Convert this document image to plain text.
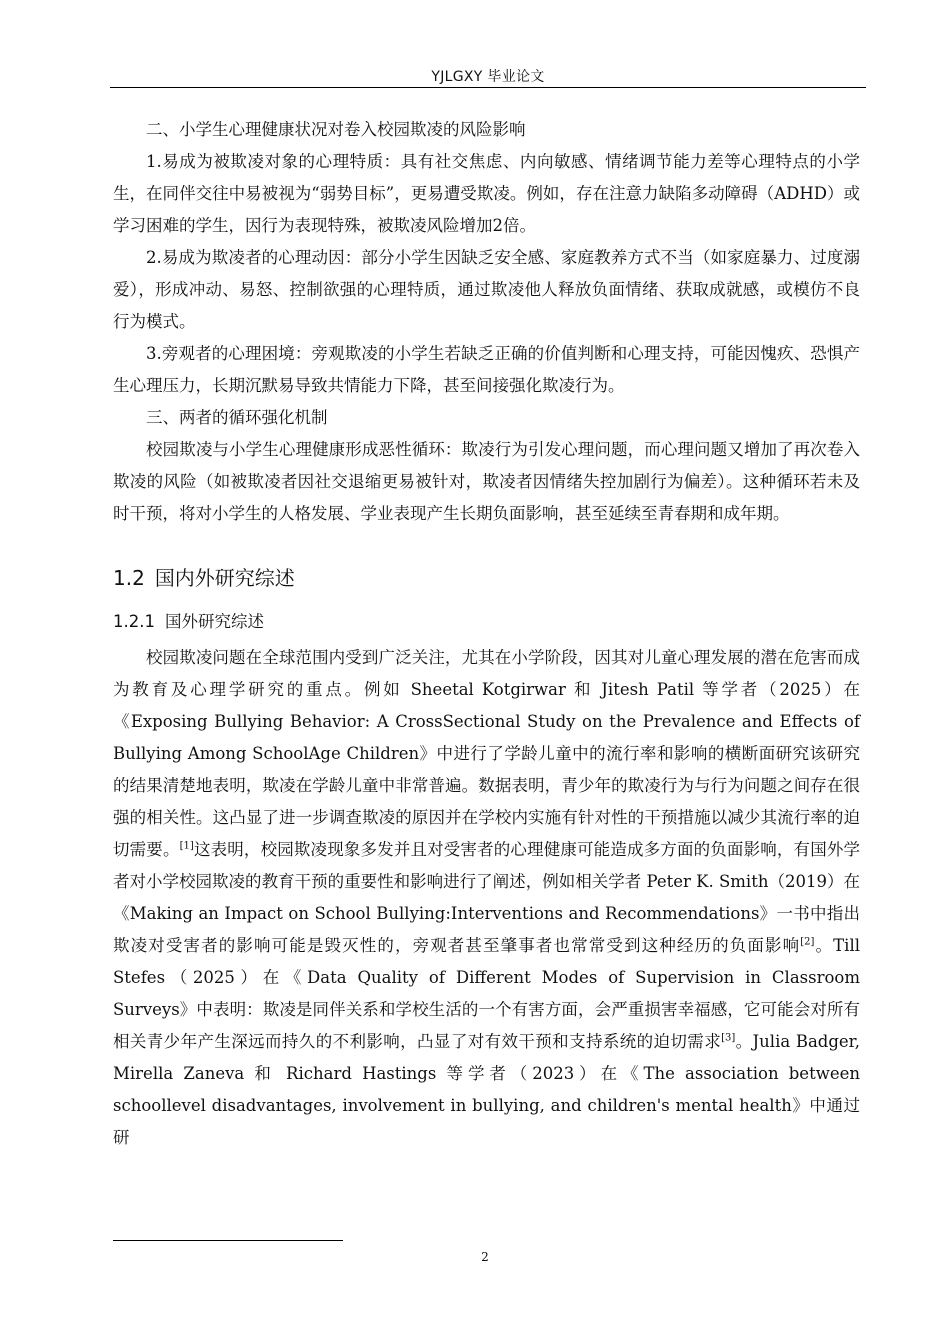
YJLGXY 毕业论文

二、小学生心理健康状况对卷入校园欺凌的风险影响

1.易成为被欺凌对象的心理特质：具有社交焦虑、内向敏感、情绪调节能力差等心理特点的小学生，在同伴交往中易被视为“弱势目标”，更易遭受欺凌。例如，存在注意力缺陷多动障碍（ADHD）或学习困难的学生，因行为表现特殊，被欺凌风险增加2倍。

2.易成为欺凌者的心理动因：部分小学生因缺乏安全感、家庭教养方式不当（如家庭暴力、过度溺爱），形成冲动、易怒、控制欲强的心理特质，通过欺凌他人释放负面情绪、获取成就感，或模仿不良行为模式。

3.旁观者的心理困境：旁观欺凌的小学生若缺乏正确的价值判断和心理支持，可能因愧疚、恐惧产生心理压力，长期沉默易导致共情能力下降，甚至间接强化欺凌行为。

三、两者的循环强化机制

校园欺凌与小学生心理健康形成恶性循环：欺凌行为引发心理问题，而心理问题又增加了再次卷入欺凌的风险（如被欺凌者因社交退缩更易被针对，欺凌者因情绪失控加剧行为偏差）。这种循环若未及时干预，将对小学生的人格发展、学业表现产生长期负面影响，甚至延续至青春期和成年期。

1.2 国内外研究综述
1.2.1 国外研究综述

校园欺凌问题在全球范围内受到广泛关注，尤其在小学阶段，因其对儿童心理发展的潜在危害而成为教育及心理学研究的重点。例如 Sheetal Kotgirwar 和 Jitesh Patil 等学者（2025）在《Exposing Bullying Behavior: A CrossSectional Study on the Prevalence and Effects of Bullying Among SchoolAge Children》中进行了学龄儿童中的流行率和影响的横断面研究该研究的结果清楚地表明，欺凌在学龄儿童中非常普遍。数据表明，青少年的欺凌行为与行为问题之间存在很强的相关性。这凸显了进一步调查欺凌的原因并在学校内实施有针对性的干预措施以减少其流行率的迫切需要。[1]这表明，校园欺凌现象多发并且对受害者的心理健康可能造成多方面的负面影响，有国外学者对小学校园欺凌的教育干预的重要性和影响进行了阐述，例如相关学者 Peter K. Smith（2019）在《Making an Impact on School Bullying:Interventions and Recommendations》一书中指出欺凌对受害者的影响可能是毁灭性的，旁观者甚至肇事者也常常受到这种经历的负面影响[2]。Till Stefes（2025）在《Data Quality of Different Modes of Supervision in Classroom Surveys》中表明：欺凌是同伴关系和学校生活的一个有害方面，会严重损害幸福感，它可能会对所有相关青少年产生深远而持久的不利影响，凸显了对有效干预和支持系统的迫切需求[3]。Julia Badger, Mirella Zaneva 和 Richard Hastings 等学者（2023）在《The association between schoollevel disadvantages, involvement in bullying, and children's mental health》中通过研

2
